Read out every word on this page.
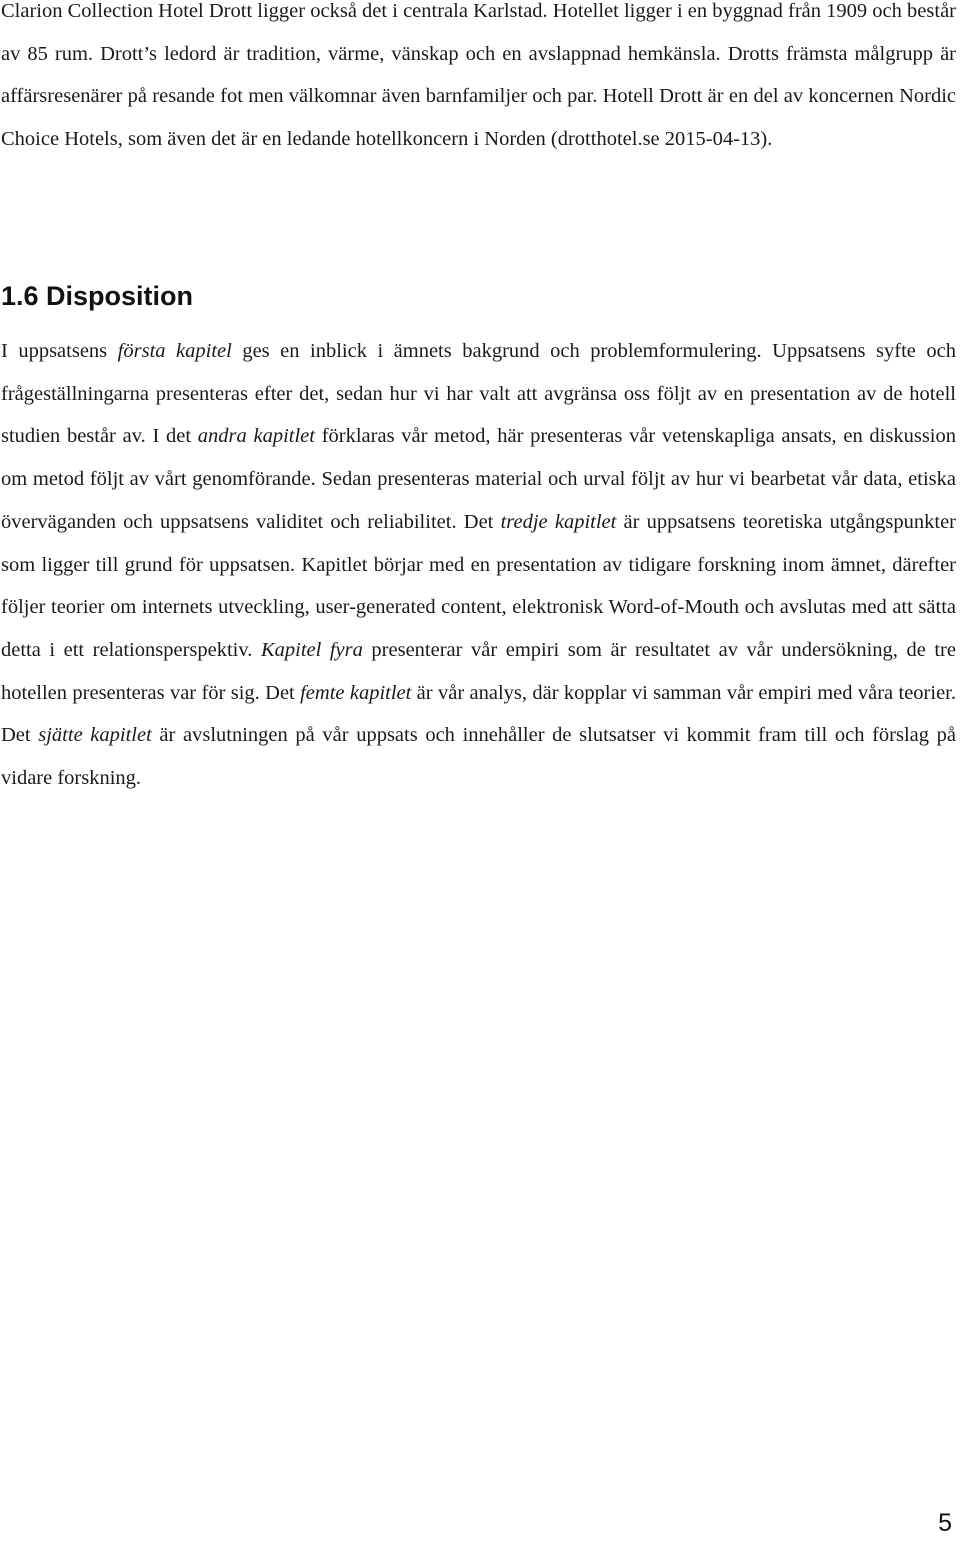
Clarion Collection Hotel Drott ligger också det i centrala Karlstad. Hotellet ligger i en byggnad från 1909 och består av 85 rum. Drott’s ledord är tradition, värme, vänskap och en avslappnad hemkänsla. Drotts främsta målgrupp är affärsresenärer på resande fot men välkomnar även barnfamiljer och par. Hotell Drott är en del av koncernen Nordic Choice Hotels, som även det är en ledande hotellkoncern i Norden (drotthotel.se 2015-04-13).

1.6 Disposition

I uppsatsens första kapitel ges en inblick i ämnets bakgrund och problemformulering. Uppsatsens syfte och frågeställningarna presenteras efter det, sedan hur vi har valt att avgränsa oss följt av en presentation av de hotell studien består av. I det andra kapitlet förklaras vår metod, här presenteras vår vetenskapliga ansats, en diskussion om metod följt av vårt genomförande. Sedan presenteras material och urval följt av hur vi bearbetat vår data, etiska överväganden och uppsatsens validitet och reliabilitet. Det tredje kapitlet är uppsatsens teoretiska utgångspunkter som ligger till grund för uppsatsen. Kapitlet börjar med en presentation av tidigare forskning inom ämnet, därefter följer teorier om internets utveckling, user-generated content, elektronisk Word-of-Mouth och avslutas med att sätta detta i ett relationsperspektiv. Kapitel fyra presenterar vår empiri som är resultatet av vår undersökning, de tre hotellen presenteras var för sig. Det femte kapitlet är vår analys, där kopplar vi samman vår empiri med våra teorier. Det sjätte kapitlet är avslutningen på vår uppsats och innehåller de slutsatser vi kommit fram till och förslag på vidare forskning.

5
